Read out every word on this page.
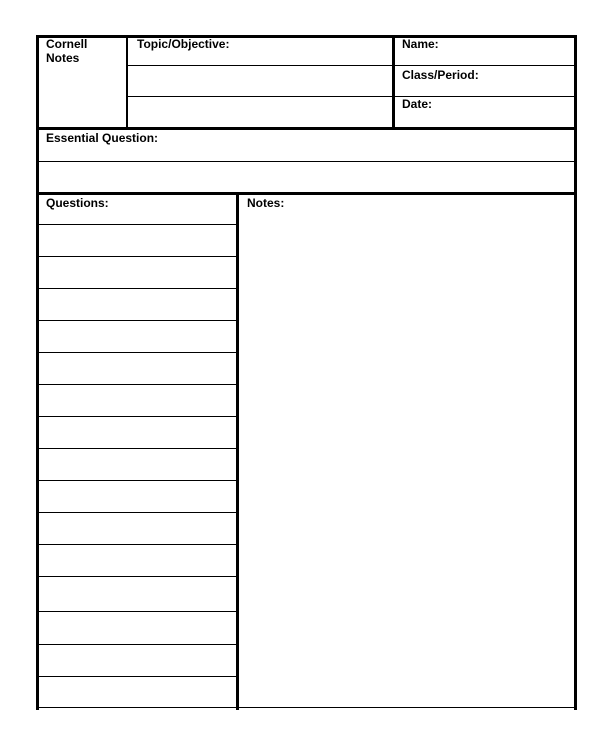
Cornell
Notes
Topic/Objective:	Name:
Class/Period:
Date:
Essential Question:
Questions:	Notes:
